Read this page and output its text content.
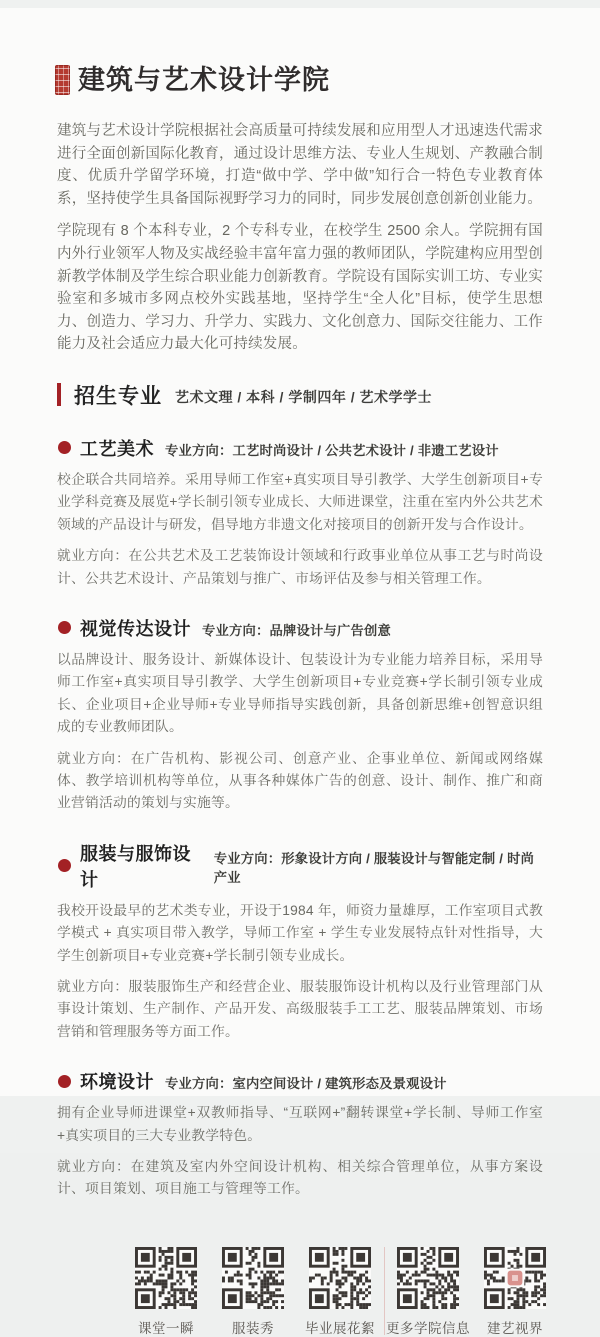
建筑与艺术设计学院

建筑与艺术设计学院根据社会高质量可持续发展和应用型人才迅速迭代需求进行全面创新国际化教育，通过设计思维方法、专业人生规划、产教融合制度、优质升学留学环境，打造“做中学、学中做”知行合一特色专业教育体系，坚持使学生具备国际视野学习力的同时，同步发展创意创新创业能力。

学院现有 8 个本科专业，2 个专科专业，在校学生 2500 余人。学院拥有国内外行业领军人物及实战经验丰富年富力强的教师团队，学院建构应用型创新教学体制及学生综合职业能力创新教育。学院设有国际实训工坊、专业实验室和多城市多网点校外实践基地，坚持学生“全人化”目标，使学生思想力、创造力、学习力、升学力、实践力、文化创意力、国际交往能力、工作能力及社会适应力最大化可持续发展。

招生专业 艺术文理 / 本科 / 学制四年 / 艺术学学士
工艺美术 专业方向：工艺时尚设计 / 公共艺术设计 / 非遗工艺设计

校企联合共同培养。采用导师工作室+真实项目导引教学、大学生创新项目+专业学科竞赛及展览+学长制引领专业成长、大师进课堂，注重在室内外公共艺术领域的产品设计与研发，倡导地方非遗文化对接项目的创新开发与合作设计。

就业方向：在公共艺术及工艺装饰设计领域和行政事业单位从事工艺与时尚设计、公共艺术设计、产品策划与推广、市场评估及参与相关管理工作。

视觉传达设计 专业方向：品牌设计与广告创意

以品牌设计、服务设计、新媒体设计、包装设计为专业能力培养目标，采用导师工作室+真实项目导引教学、大学生创新项目+专业竞赛+学长制引领专业成长、企业项目+企业导师+专业导师指导实践创新，具备创新思维+创智意识组成的专业教师团队。

就业方向：在广告机构、影视公司、创意产业、企事业单位、新闻或网络媒体、教学培训机构等单位，从事各种媒体广告的创意、设计、制作、推广和商业营销活动的策划与实施等。

服装与服饰设计
专业方向：形象设计方向 / 服装设计与智能定制 / 时尚产业

我校开设最早的艺术类专业，开设于1984 年，师资力量雄厚，工作室项目式教学模式 + 真实项目带入教学，导师工作室 + 学生专业发展特点针对性指导，大学生创新项目+专业竞赛+学长制引领专业成长。

就业方向：服装服饰生产和经营企业、服装服饰设计机构以及行业管理部门从事设计策划、生产制作、产品开发、高级服装手工工艺、服装品牌策划、市场营销和管理服务等方面工作。

环境设计 专业方向：室内空间设计 / 建筑形态及景观设计

拥有企业导师进课堂+双教师指导、“互联网+”翻转课堂+学长制、导师工作室+真实项目的三大专业教学特色。

就业方向：在建筑及室内外空间设计机构、相关综合管理单位，从事方案设计、项目策划、项目施工与管理等工作。

课堂一瞬	服装秀 毕业展花絮 更多学院信息 建艺视界
